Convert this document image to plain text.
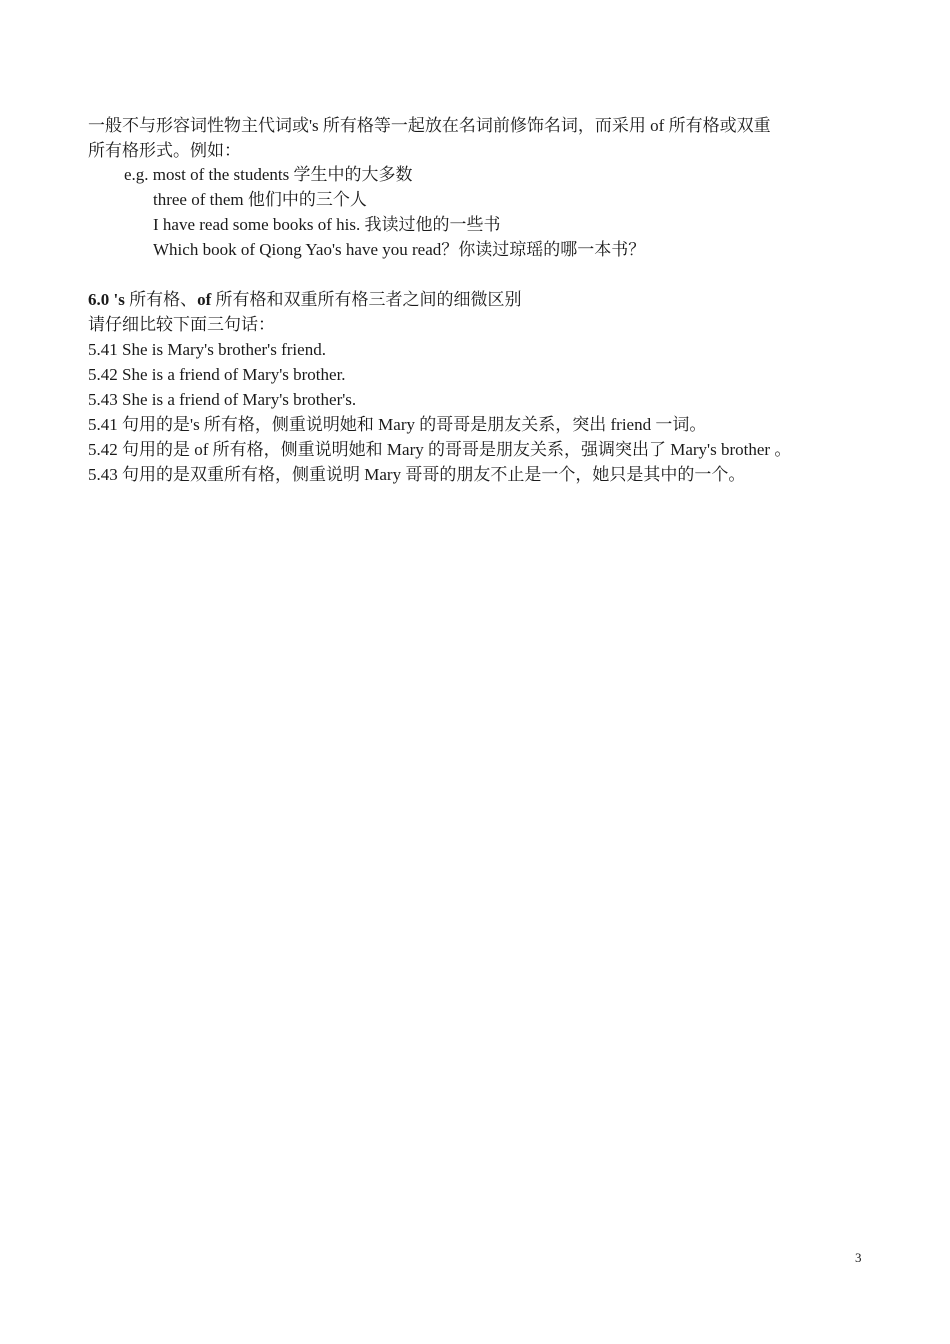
一般不与形容词性物主代词或's 所有格等一起放在名词前修饰名词，而采用 of 所有格或双重
所有格形式。例如：
e.g. most of the students 学生中的大多数
three of them 他们中的三个人
I have read some books of his. 我读过他的一些书
Which book of Qiong Yao's have you read？你读过琼瑶的哪一本书？
6.0 's 所有格、of 所有格和双重所有格三者之间的细微区别
请仔细比较下面三句话：
5.41 She is Mary's brother's friend.
5.42 She is a friend of Mary's brother.
5.43 She is a friend of Mary's brother's.
5.41 句用的是's 所有格，侧重说明她和 Mary 的哥哥是朋友关系，突出 friend 一词。
5.42 句用的是 of 所有格，侧重说明她和 Mary 的哥哥是朋友关系，强调突出了 Mary's brother 。
5.43 句用的是双重所有格，侧重说明 Mary 哥哥的朋友不止是一个，她只是其中的一个。
3
